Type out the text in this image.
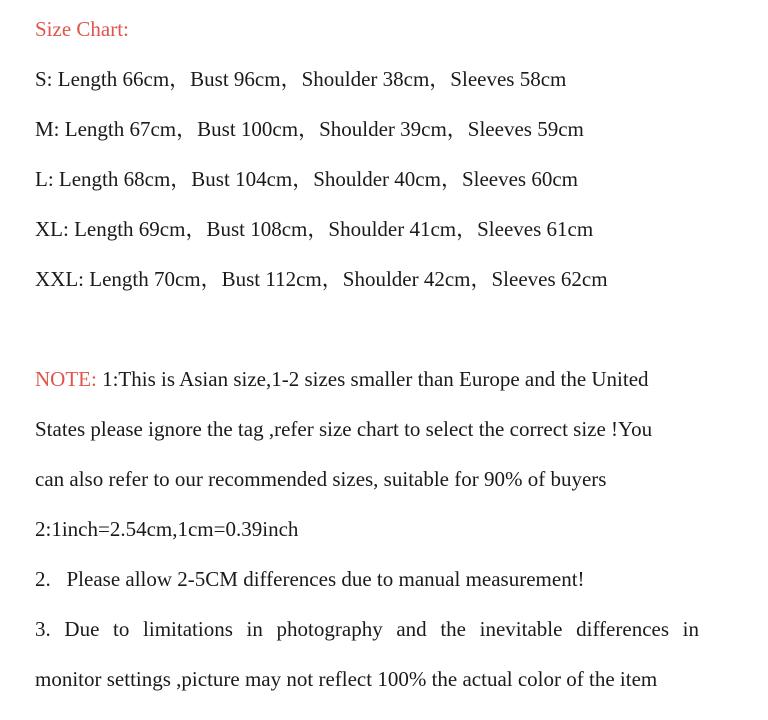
Size Chart:
S: Length 66cm，Bust 96cm，Shoulder 38cm，Sleeves 58cm
M: Length 67cm，Bust 100cm，Shoulder 39cm，Sleeves 59cm
L: Length 68cm，Bust 104cm，Shoulder 40cm，Sleeves 60cm
XL: Length 69cm，Bust 108cm，Shoulder 41cm，Sleeves 61cm
XXL: Length 70cm，Bust 112cm，Shoulder 42cm，Sleeves 62cm
NOTE: 1:This is Asian size,1-2 sizes smaller than Europe and the United
States please ignore the tag ,refer size chart to select the correct size !You
can also refer to our recommended sizes, suitable for 90% of buyers
2:1inch=2.54cm,1cm=0.39inch
2.   Please allow 2-5CM differences due to manual measurement!
3. Due to limitations in photography and the inevitable differences in
monitor settings ,picture may not reflect 100% the actual color of the item
